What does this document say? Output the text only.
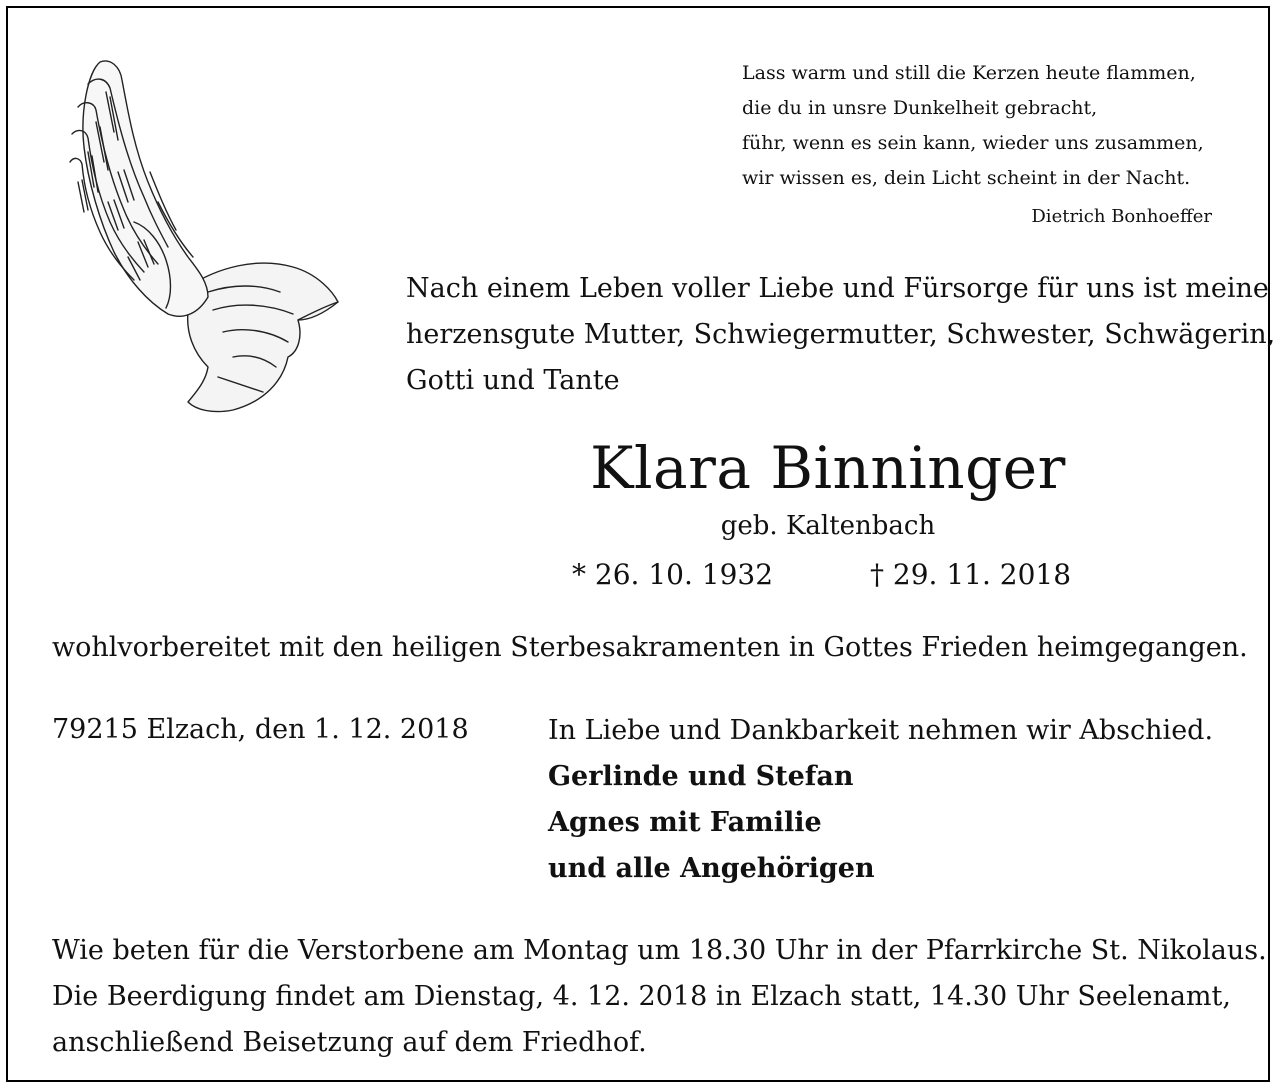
Lass warm und still die Kerzen heute flammen,
die du in unsre Dunkelheit gebracht,
führ, wenn es sein kann, wieder uns zusammen,
wir wissen es, dein Licht scheint in der Nacht.
Dietrich Bonhoeffer
Nach einem Leben voller Liebe und Fürsorge für uns ist meine
herzensgute Mutter, Schwiegermutter, Schwester, Schwägerin,
Gotti und Tante
Klara Binninger
geb. Kaltenbach
* 26. 10. 1932	† 29. 11. 2018
wohlvorbereitet mit den heiligen Sterbesakramenten in Gottes Frieden heimgegangen.
79215 Elzach, den 1. 12. 2018	In Liebe und Dankbarkeit nehmen wir Abschied.
Gerlinde und Stefan
Agnes mit Familie
und alle Angehörigen
Wie beten für die Verstorbene am Montag um 18.30 Uhr in der Pfarrkirche St. Nikolaus.
Die Beerdigung findet am Dienstag, 4. 12. 2018 in Elzach statt, 14.30 Uhr Seelenamt,
anschließend Beisetzung auf dem Friedhof.
